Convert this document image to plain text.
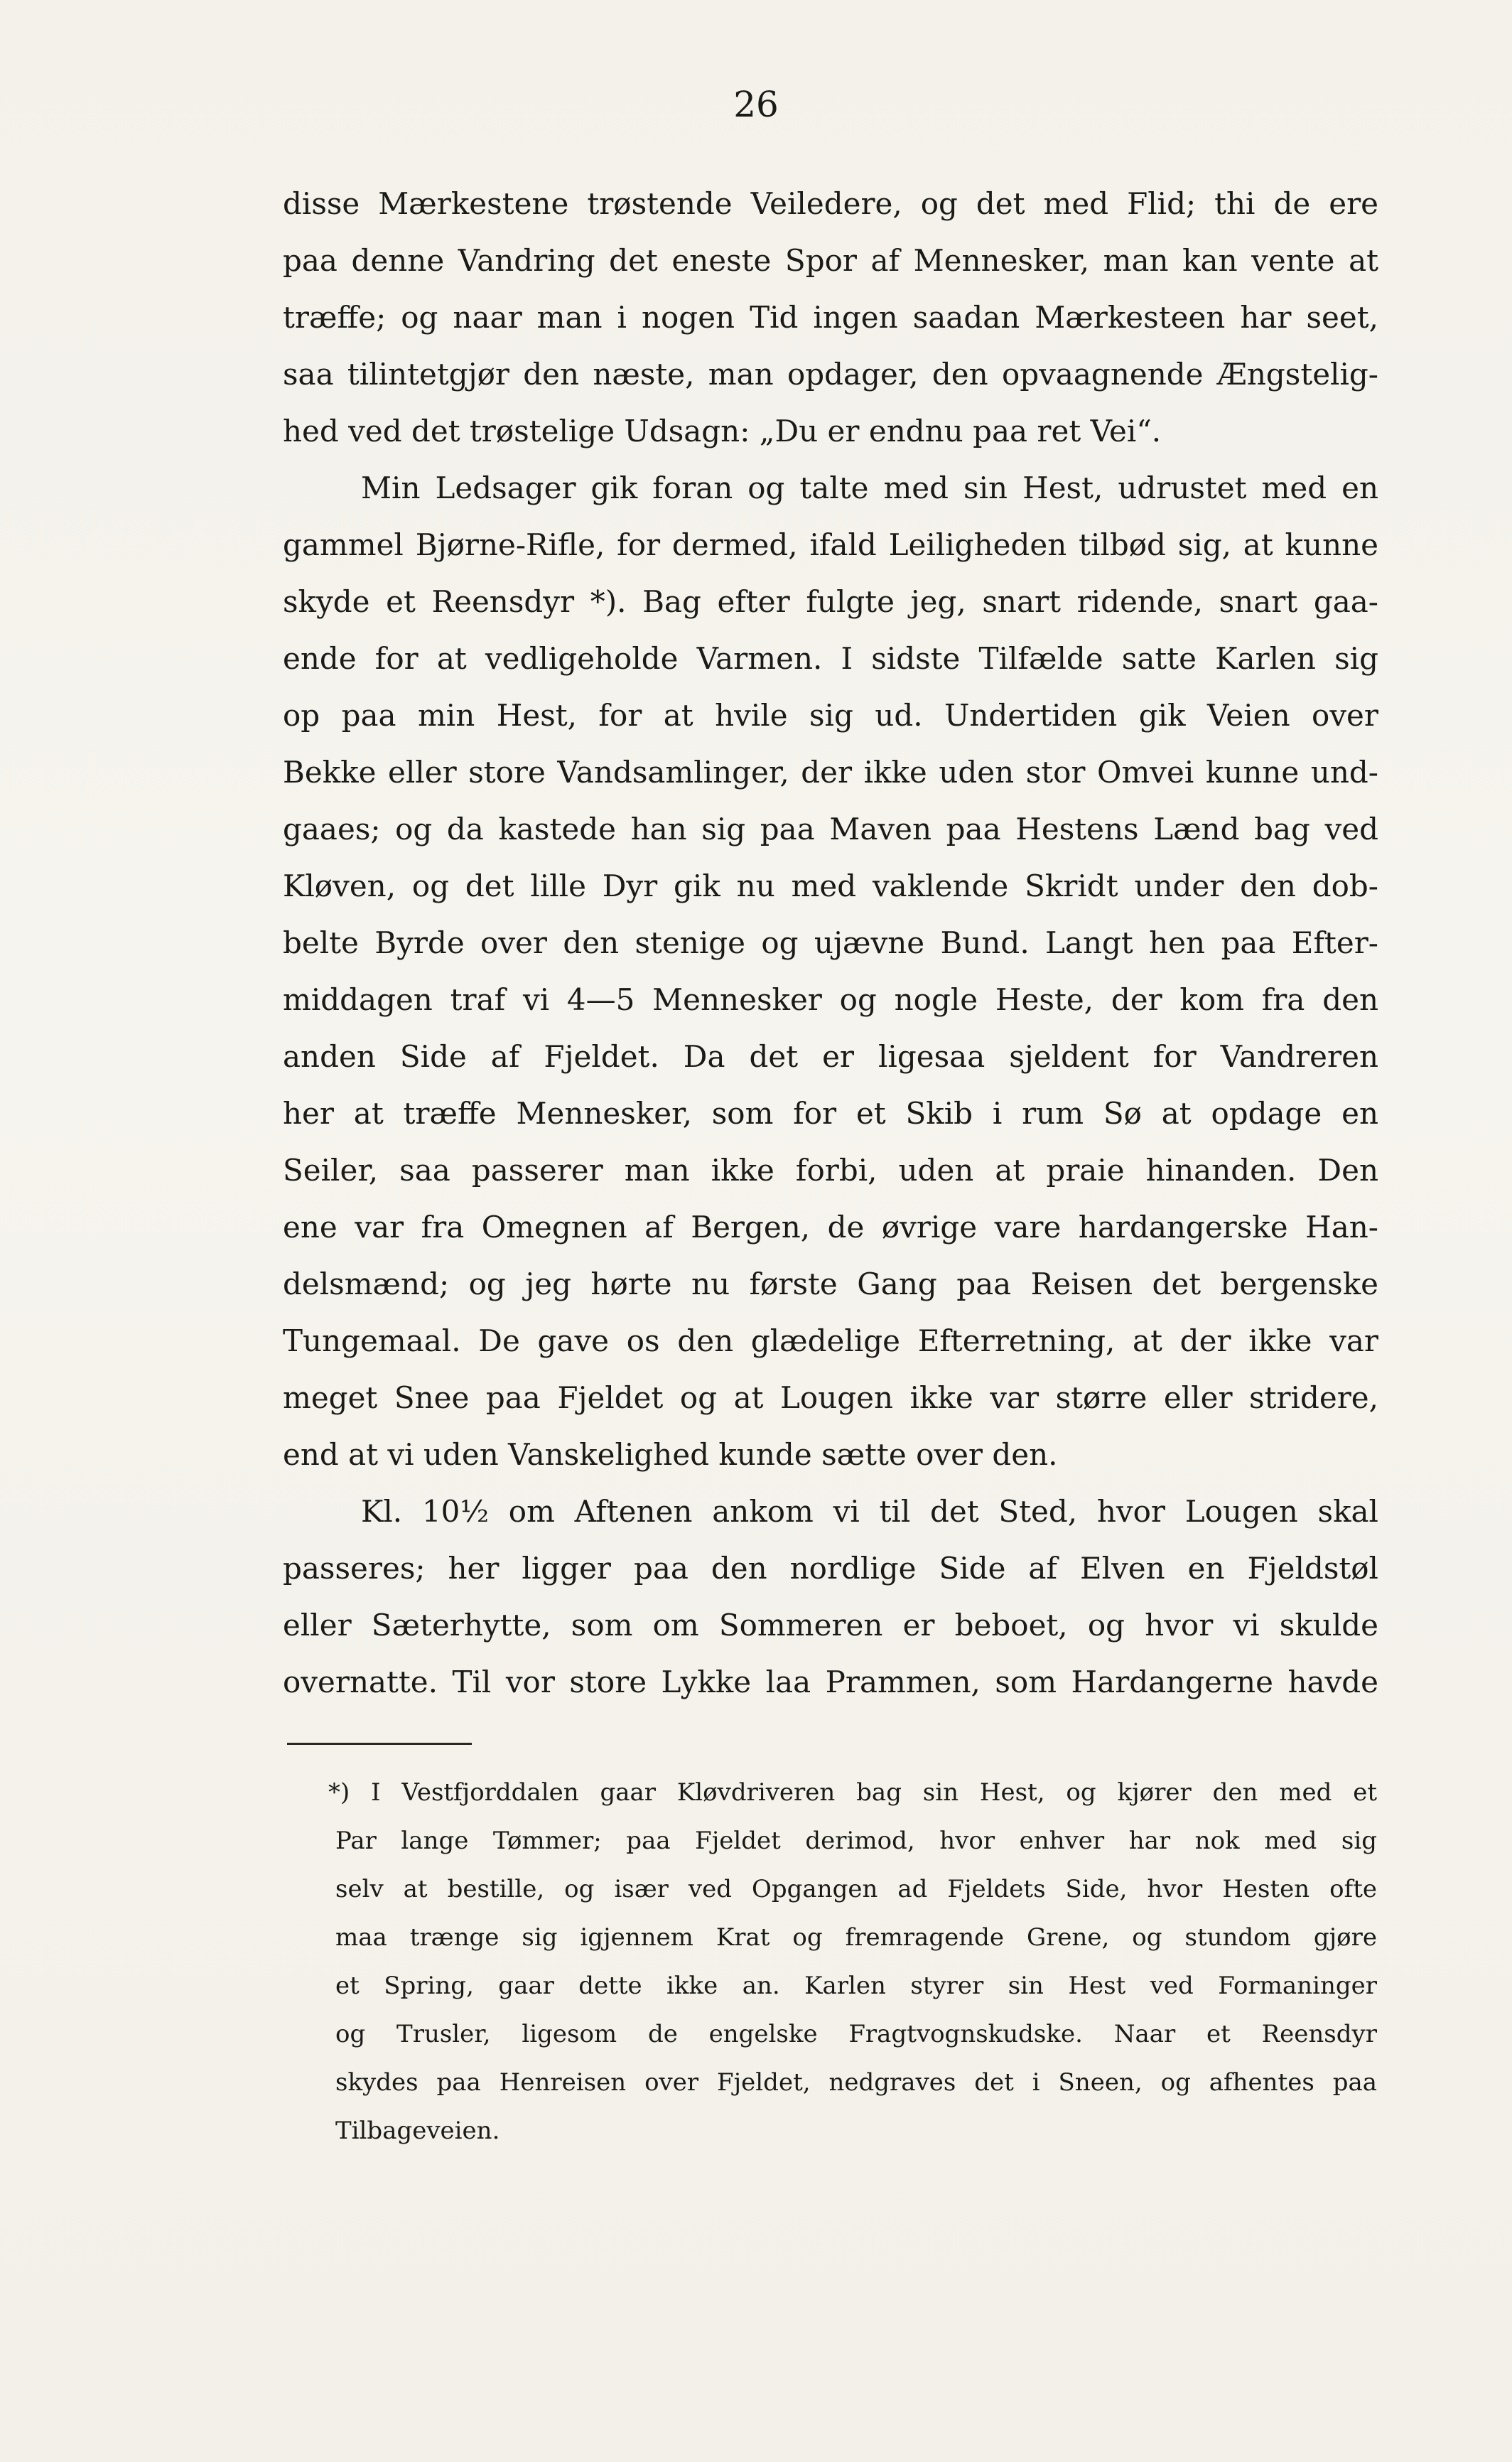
26
disse Mærkestene trøstende Veiledere, og det med Flid; thi de ere
paa denne Vandring det eneste Spor af Mennesker, man kan vente at
træffe; og naar man i nogen Tid ingen saadan Mærkesteen har seet,
saa tilintetgjør den næste, man opdager, den opvaagnende Ængstelig-
hed ved det trøstelige Udsagn: „Du er endnu paa ret Vei“.
Min Ledsager gik foran og talte med sin Hest, udrustet med en
gammel Bjørne-Rifle, for dermed, ifald Leiligheden tilbød sig, at kunne
skyde et Reensdyr *). Bag efter fulgte jeg, snart ridende, snart gaa-
ende for at vedligeholde Varmen. I sidste Tilfælde satte Karlen sig
op paa min Hest, for at hvile sig ud. Undertiden gik Veien over
Bekke eller store Vandsamlinger, der ikke uden stor Omvei kunne und-
gaaes; og da kastede han sig paa Maven paa Hestens Lænd bag ved
Kløven, og det lille Dyr gik nu med vaklende Skridt under den dob-
belte Byrde over den stenige og ujævne Bund. Langt hen paa Efter-
middagen traf vi 4—5 Mennesker og nogle Heste, der kom fra den
anden Side af Fjeldet. Da det er ligesaa sjeldent for Vandreren
her at træffe Mennesker, som for et Skib i rum Sø at opdage en
Seiler, saa passerer man ikke forbi, uden at praie hinanden. Den
ene var fra Omegnen af Bergen, de øvrige vare hardangerske Han-
delsmænd; og jeg hørte nu første Gang paa Reisen det bergenske
Tungemaal. De gave os den glædelige Efterretning, at der ikke var
meget Snee paa Fjeldet og at Lougen ikke var større eller stridere,
end at vi uden Vanskelighed kunde sætte over den.
Kl. 10½ om Aftenen ankom vi til det Sted, hvor Lougen skal
passeres; her ligger paa den nordlige Side af Elven en Fjeldstøl
eller Sæterhytte, som om Sommeren er beboet, og hvor vi skulde
overnatte. Til vor store Lykke laa Prammen, som Hardangerne havde
*) I Vestfjorddalen gaar Kløvdriveren bag sin Hest, og kjører den med et
Par lange Tømmer; paa Fjeldet derimod, hvor enhver har nok med sig
selv at bestille, og især ved Opgangen ad Fjeldets Side, hvor Hesten ofte
maa trænge sig igjennem Krat og fremragende Grene, og stundom gjøre
et Spring, gaar dette ikke an. Karlen styrer sin Hest ved Formaninger
og Trusler, ligesom de engelske Fragtvognskudske. Naar et Reensdyr
skydes paa Henreisen over Fjeldet, nedgraves det i Sneen, og afhentes paa
Tilbageveien.
